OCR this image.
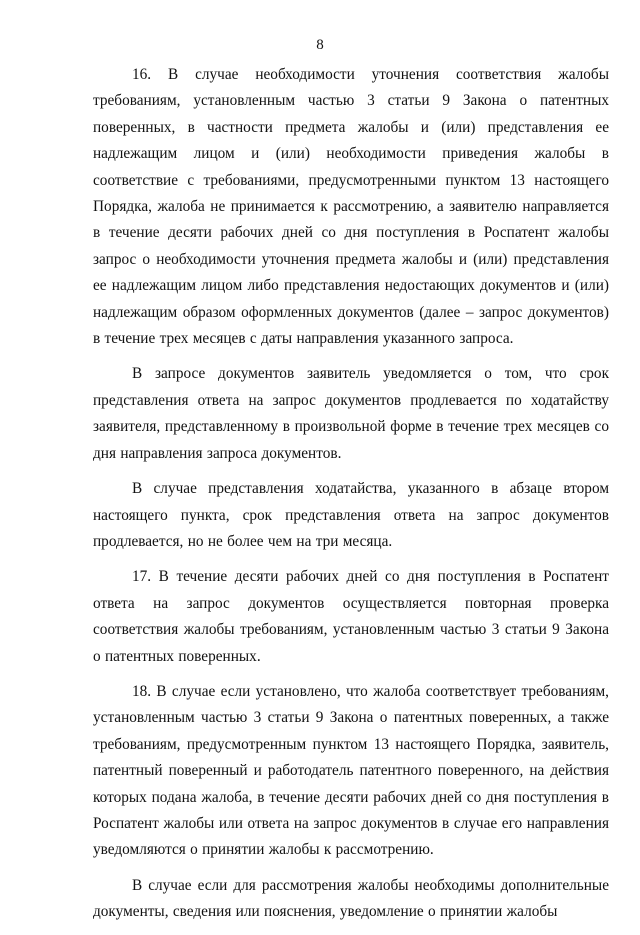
8

16. В случае необходимости уточнения соответствия жалобы требованиям, установленным частью 3 статьи 9 Закона о патентных поверенных, в частности предмета жалобы и (или) представления ее надлежащим лицом и (или) необходимости приведения жалобы в соответствие с требованиями, предусмотренными пунктом 13 настоящего Порядка, жалоба не принимается к рассмотрению, а заявителю направляется в течение десяти рабочих дней со дня поступления в Роспатент жалобы запрос о необходимости уточнения предмета жалобы и (или) представления ее надлежащим лицом либо представления недостающих документов и (или) надлежащим образом оформленных документов (далее – запрос документов) в течение трех месяцев с даты направления указанного запроса.

В запросе документов заявитель уведомляется о том, что срок представления ответа на запрос документов продлевается по ходатайству заявителя, представленному в произвольной форме в течение трех месяцев со дня направления запроса документов.

В случае представления ходатайства, указанного в абзаце втором настоящего пункта, срок представления ответа на запрос документов продлевается, но не более чем на три месяца.

17. В течение десяти рабочих дней со дня поступления в Роспатент ответа на запрос документов осуществляется повторная проверка соответствия жалобы требованиям, установленным частью 3 статьи 9 Закона о патентных поверенных.

18. В случае если установлено, что жалоба соответствует требованиям, установленным частью 3 статьи 9 Закона о патентных поверенных, а также требованиям, предусмотренным пунктом 13 настоящего Порядка, заявитель, патентный поверенный и работодатель патентного поверенного, на действия которых подана жалоба, в течение десяти рабочих дней со дня поступления в Роспатент жалобы или ответа на запрос документов в случае его направления уведомляются о принятии жалобы к рассмотрению.

В случае если для рассмотрения жалобы необходимы дополнительные документы, сведения или пояснения, уведомление о принятии жалобы
